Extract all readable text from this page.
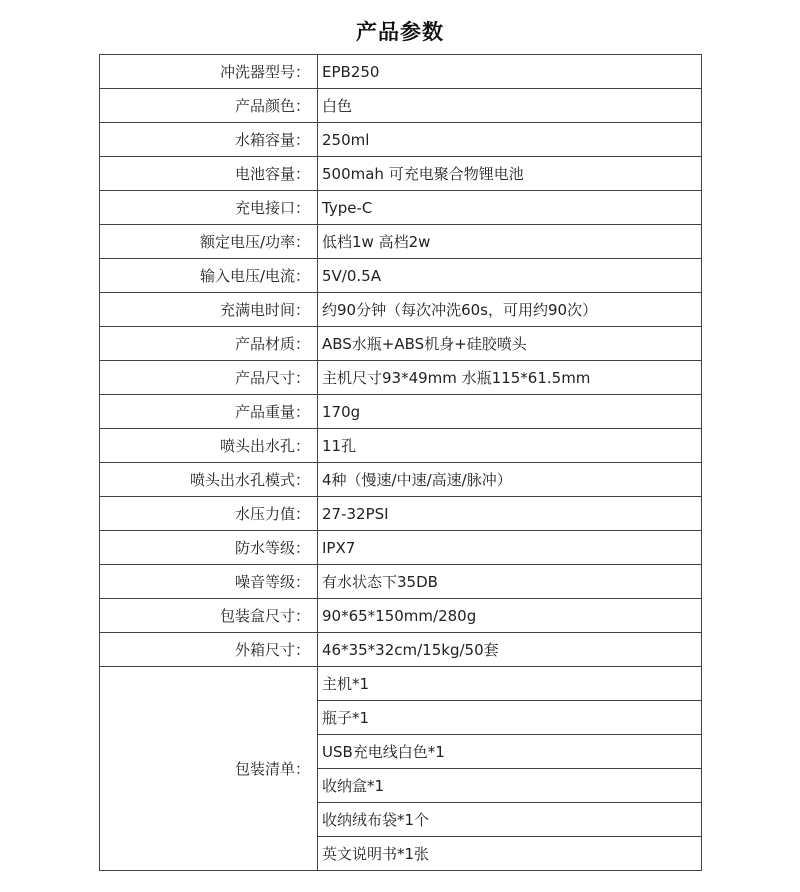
产品参数
冲洗器型号：	EPB250
产品颜色：	白色
水箱容量：	250ml
电池容量：	500mah 可充电聚合物锂电池
充电接口：	Type-C
额定电压/功率：	低档1w 高档2w
输入电压/电流：	5V/0.5A
充满电时间：	约90分钟（每次冲洗60s，可用约90次）
产品材质：	ABS水瓶+ABS机身+硅胶喷头
产品尺寸：	主机尺寸93*49mm 水瓶115*61.5mm
产品重量：	170g
喷头出水孔：	11孔
喷头出水孔模式：	4种（慢速/中速/高速/脉冲）
水压力值：	27-32PSI
防水等级：	IPX7
噪音等级：	有水状态下35DB
包装盒尺寸：	90*65*150mm/280g
外箱尺寸：	46*35*32cm/15kg/50套
包装清单：	主机*1
	瓶子*1
	USB充电线白色*1
	收纳盒*1
	收纳绒布袋*1个
	英文说明书*1张
